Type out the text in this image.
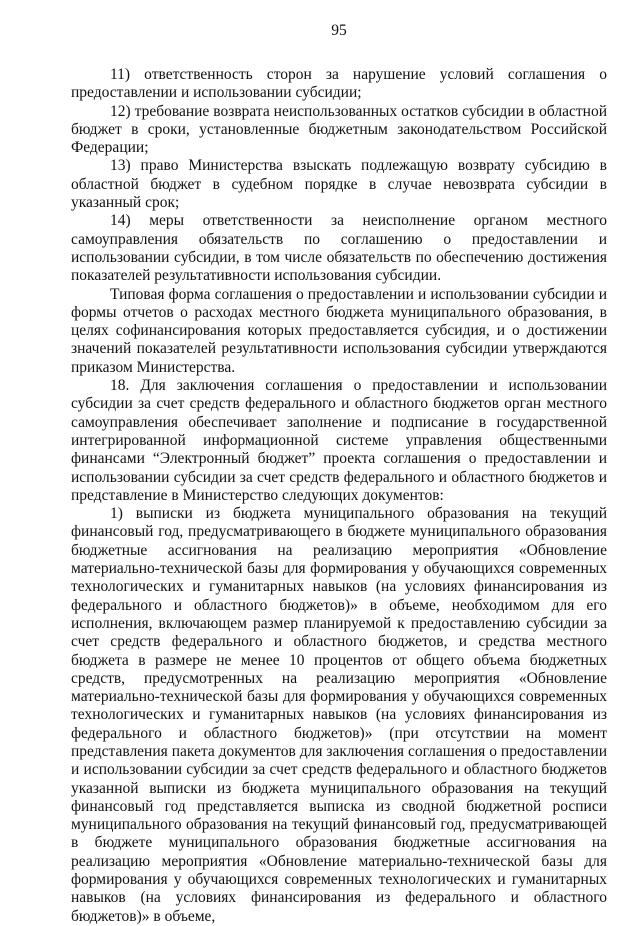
95

11) ответственность сторон за нарушение условий соглашения о предоставлении и использовании субсидии;

12) требование возврата неиспользованных остатков субсидии в областной бюджет в сроки, установленные бюджетным законодательством Российской Федерации;

13) право Министерства взыскать подлежащую возврату субсидию в областной бюджет в судебном порядке в случае невозврата субсидии в указанный срок;

14) меры ответственности за неисполнение органом местного самоуправления обязательств по соглашению о предоставлении и использовании субсидии, в том числе обязательств по обеспечению достижения показателей результативности использования субсидии.

Типовая форма соглашения о предоставлении и использовании субсидии и формы отчетов о расходах местного бюджета муниципального образования, в целях софинансирования которых предоставляется субсидия, и о достижении значений показателей результативности использования субсидии утверждаются приказом Министерства.

18. Для заключения соглашения о предоставлении и использовании субсидии за счет средств федерального и областного бюджетов орган местного самоуправления обеспечивает заполнение и подписание в государственной интегрированной информационной системе управления общественными финансами “Электронный бюджет” проекта соглашения о предоставлении и использовании субсидии за счет средств федерального и областного бюджетов и представление в Министерство следующих документов:

1) выписки из бюджета муниципального образования на текущий финансовый год, предусматривающего в бюджете муниципального образования бюджетные ассигнования на реализацию мероприятия «Обновление материально-технической базы для формирования у обучающихся современных технологических и гуманитарных навыков (на условиях финансирования из федерального и областного бюджетов)» в объеме, необходимом для его исполнения, включающем размер планируемой к предоставлению субсидии за счет средств федерального и областного бюджетов, и средства местного бюджета в размере не менее 10 процентов от общего объема бюджетных средств, предусмотренных на реализацию мероприятия «Обновление материально-технической базы для формирования у обучающихся современных технологических и гуманитарных навыков (на условиях финансирования из федерального и областного бюджетов)» (при отсутствии на момент представления пакета документов для заключения соглашения о предоставлении и использовании субсидии за счет средств федерального и областного бюджетов указанной выписки из бюджета муниципального образования на текущий финансовый год представляется выписка из сводной бюджетной росписи муниципального образования на текущий финансовый год, предусматривающей в бюджете муниципального образования бюджетные ассигнования на реализацию мероприятия «Обновление материально-технической базы для формирования у обучающихся современных технологических и гуманитарных навыков (на условиях финансирования из федерального и областного бюджетов)» в объеме,
